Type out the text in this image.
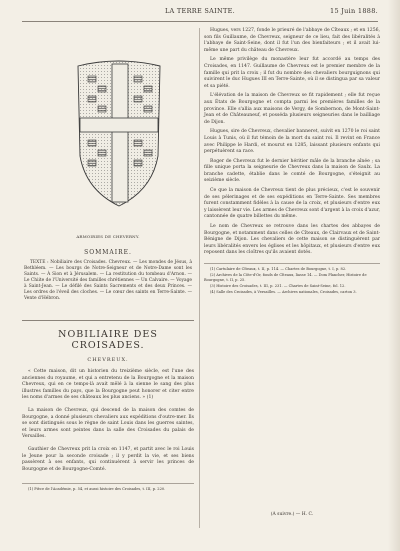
LA TERRE SAINTE.	15 Juin 1888.
ARMOIRIES DE CHEVERNY.
SOMMAIRE.
TEXTE : Nobiliaire des Croisades. Chevreux. — Les mondes de Jésus, à Bethléem. — Les bourgs de Notre-Seigneur et de Notre-Dame sont les Saints. — À Sion et à Jérusalem. — La restitution du tombeau d'Arnon. — Le Chiite de l'Université des familles chrétiennes — Un Calvaire. — Voyage à Saint-Jean. — Le défilé des Saints Sacrements et des deux Princes. — Les ordres de l'éveil des cloches. — Le cœur des saints en Terre-Sainte. — Vente d'Hébron.
NOBILIAIRE DES CROISADES.
CHEVREUX.

« Cette maison, dit un historien du treizième siècle, est l'une des anciennes du royaume, et qui a entretenu de la Bourgogne et la maison Chevreux, qui en ce temps-là avait mêlé à la sienne le sang des plus illustres familles du pays, que la Bourgogne peut honorer et citer entre les noms d'armes de ses châteaux les plus anciens. » (1)

La maison de Chevreux, qui descend de la maison des comtes de Bourgogne, a donné plusieurs chevaliers aux expéditions d'outre-mer. Ils se sont distingués sous le règne de saint Louis dans les guerres saintes, et leurs armes sont peintes dans la salle des Croisades du palais de Versailles.

Gauthier de Chevreux prit la croix en 1147, et partit avec le roi Louis le Jeune pour la seconde croisade ; il y perdit la vie, et ses biens passèrent à ses enfants, qui continuèrent à servir les princes de Bourgogne et de Bourgogne-Comté.

(1) Pièce de l'Académie, p. 54, et aussi histoire des Croisades, t. III, p. 220.

Hugues, vers 1227, fonde le prieuré de l'abbaye de Cîteaux ; et en 1256, son fils Guillaume, de Chevreux, seigneur de ce lieu, fait des libéralités à l'abbaye de Saint-Seine, dont il fut l'un des bienfaiteurs ; et il avait lui-même une part du château de Chevreux.

Le même privilège du monastère leur fut accordé au temps des Croisades, en 1147. Guillaume de Chevreux est le premier membre de la famille qui prit la croix ; il fut du nombre des chevaliers bourguignons qui suivirent le duc Hugues III en Terre-Sainte, où il se distingua par sa valeur et sa piété.

L'élévation de la maison de Chevreux se fit rapidement ; elle fut reçue aux États de Bourgogne et compta parmi les premières familles de la province. Elle s'allia aux maisons de Vergy, de Sombernon, de Mont-Saint-Jean et de Châteauneuf, et posséda plusieurs seigneuries dans le bailliage de Dijon.

Hugues, sire de Chevreux, chevalier banneret, suivit en 1270 le roi saint Louis à Tunis, où il fut témoin de la mort du saint roi. Il revint en France avec Philippe le Hardi, et mourut en 1285, laissant plusieurs enfants qui perpétuèrent sa race.

Roger de Chevreux fut le dernier héritier mâle de la branche aînée ; sa fille unique porta la seigneurie de Chevreux dans la maison de Saulx. La branche cadette, établie dans le comté de Bourgogne, s'éteignit au seizième siècle.

Ce que la maison de Chevreux tient de plus précieux, c'est le souvenir de ses pèlerinages et de ses expéditions en Terre-Sainte. Ses membres furent constamment fidèles à la cause de la croix, et plusieurs d'entre eux y laissèrent leur vie. Les armes de Chevreux sont d'argent à la croix d'azur, cantonnée de quatre billettes du même.

Le nom de Chevreux se retrouve dans les chartes des abbayes de Bourgogne, et notamment dans celles de Cîteaux, de Clairvaux et de Saint-Bénigne de Dijon. Les chevaliers de cette maison se distinguèrent par leurs libéralités envers les églises et les hôpitaux, et plusieurs d'entre eux reposent dans les cloîtres qu'ils avaient dotés.

(1) Cartulaire de Cîteaux, t. II, p. 114. — Chartes de Bourgogne, t. I, p. 82.
(2) Archives de la Côte-d'Or, fonds de Cîteaux, liasse 14. — Dom Plancher, Histoire de Bourgogne, t. II, p. 25.
(3) Histoire des Croisades, t. III, p. 231. — Chartes de Saint-Seine, fol. 12.
(4) Salle des Croisades, à Versailles. — Archives nationales, Croisades, carton 3.
(A suivre.) — H. C.
